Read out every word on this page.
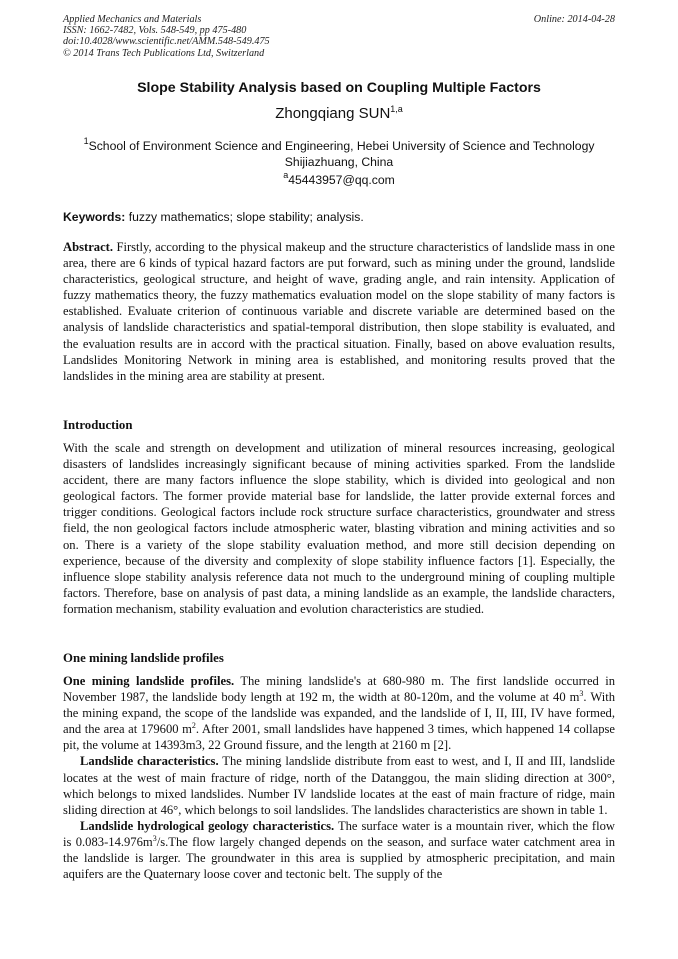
Applied Mechanics and Materials
ISSN: 1662-7482, Vols. 548-549, pp 475-480
doi:10.4028/www.scientific.net/AMM.548-549.475
© 2014 Trans Tech Publications Ltd, Switzerland
Online: 2014-04-28
Slope Stability Analysis based on Coupling Multiple Factors
Zhongqiang SUN$^{1,a}$
$^1$School of Environment Science and Engineering, Hebei University of Science and Technology
Shijiazhuang, China
$^a$45443957@qq.com
Keywords: fuzzy mathematics; slope stability; analysis.
Abstract. Firstly, according to the physical makeup and the structure characteristics of landslide mass in one area, there are 6 kinds of typical hazard factors are put forward, such as mining under the ground, landslide characteristics, geological structure, and height of wave, grading angle, and rain intensity. Application of fuzzy mathematics theory, the fuzzy mathematics evaluation model on the slope stability of many factors is established. Evaluate criterion of continuous variable and discrete variable are determined based on the analysis of landslide characteristics and spatial-temporal distribution, then slope stability is evaluated, and the evaluation results are in accord with the practical situation. Finally, based on above evaluation results, Landslides Monitoring Network in mining area is established, and monitoring results proved that the landslides in the mining area are stability at present.
Introduction
With the scale and strength on development and utilization of mineral resources increasing, geological disasters of landslides increasingly significant because of mining activities sparked. From the landslide accident, there are many factors influence the slope stability, which is divided into geological and non geological factors. The former provide material base for landslide, the latter provide external forces and trigger conditions. Geological factors include rock structure surface characteristics, groundwater and stress field, the non geological factors include atmospheric water, blasting vibration and mining activities and so on. There is a variety of the slope stability evaluation method, and more still decision depending on experience, because of the diversity and complexity of slope stability influence factors [1]. Especially, the influence slope stability analysis reference data not much to the underground mining of coupling multiple factors. Therefore, base on analysis of past data, a mining landslide as an example, the landslide characters, formation mechanism, stability evaluation and evolution characteristics are studied.
One mining landslide profiles
One mining landslide profiles. The mining landslide's at 680-980 m. The first landslide occurred in November 1987, the landslide body length at 192 m, the width at 80-120m, and the volume at 40 $m^3$. With the mining expand, the scope of the landslide was expanded, and the landslide of I, II, III, IV have formed, and the area at 179600 $m^2$. After 2001, small landslides have happened 3 times, which happened 14 collapse pit, the volume at 14393m3, 22 Ground fissure, and the length at 2160 m [2].
Landslide characteristics. The mining landslide distribute from east to west, and I, II and III, landslide locates at the west of main fracture of ridge, north of the Datanggou, the main sliding direction at 300°, which belongs to mixed landslides. Number IV landslide locates at the east of main fracture of ridge, main sliding direction at 46°, which belongs to soil landslides. The landslides characteristics are shown in table 1.
Landslide hydrological geology characteristics. The surface water is a mountain river, which the flow is $0.083-14.976m^3/s.The$ flow largely changed depends on the season, and surface water catchment area in the landslide is larger. The groundwater in this area is supplied by atmospheric precipitation, and main aquifers are the Quaternary loose cover and tectonic belt. The supply of the
